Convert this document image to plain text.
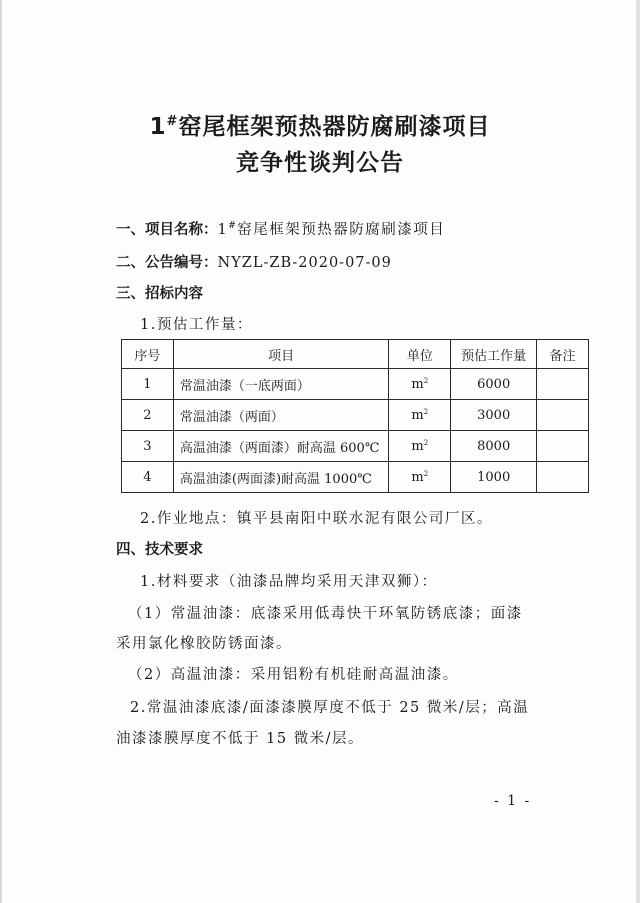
1#窑尾框架预热器防腐刷漆项目
竞争性谈判公告
一、项目名称：1#窑尾框架预热器防腐刷漆项目
二、公告编号：NYZL-ZB-2020-07-09
三、招标内容
1.预估工作量：
序号	项目	单位	预估工作量	备注
1	常温油漆（一底两面）	$m^2$	6000	
2	常温油漆（两面）	$m^2$	3000	
3	高温油漆（两面漆）耐高温 600℃	$m^2$	8000	
4	高温油漆(两面漆)耐高温 1000℃	$m^2$	1000	
2.作业地点：镇平县南阳中联水泥有限公司厂区。
四、技术要求
1.材料要求（油漆品牌均采用天津双狮）：
（1）常温油漆：底漆采用低毒快干环氧防锈底漆；面漆
采用氯化橡胶防锈面漆。
（2）高温油漆：采用铝粉有机硅耐高温油漆。
2.常温油漆底漆/面漆漆膜厚度不低于 25 微米/层；高温
油漆漆膜厚度不低于 15 微米/层。
- 1 -
